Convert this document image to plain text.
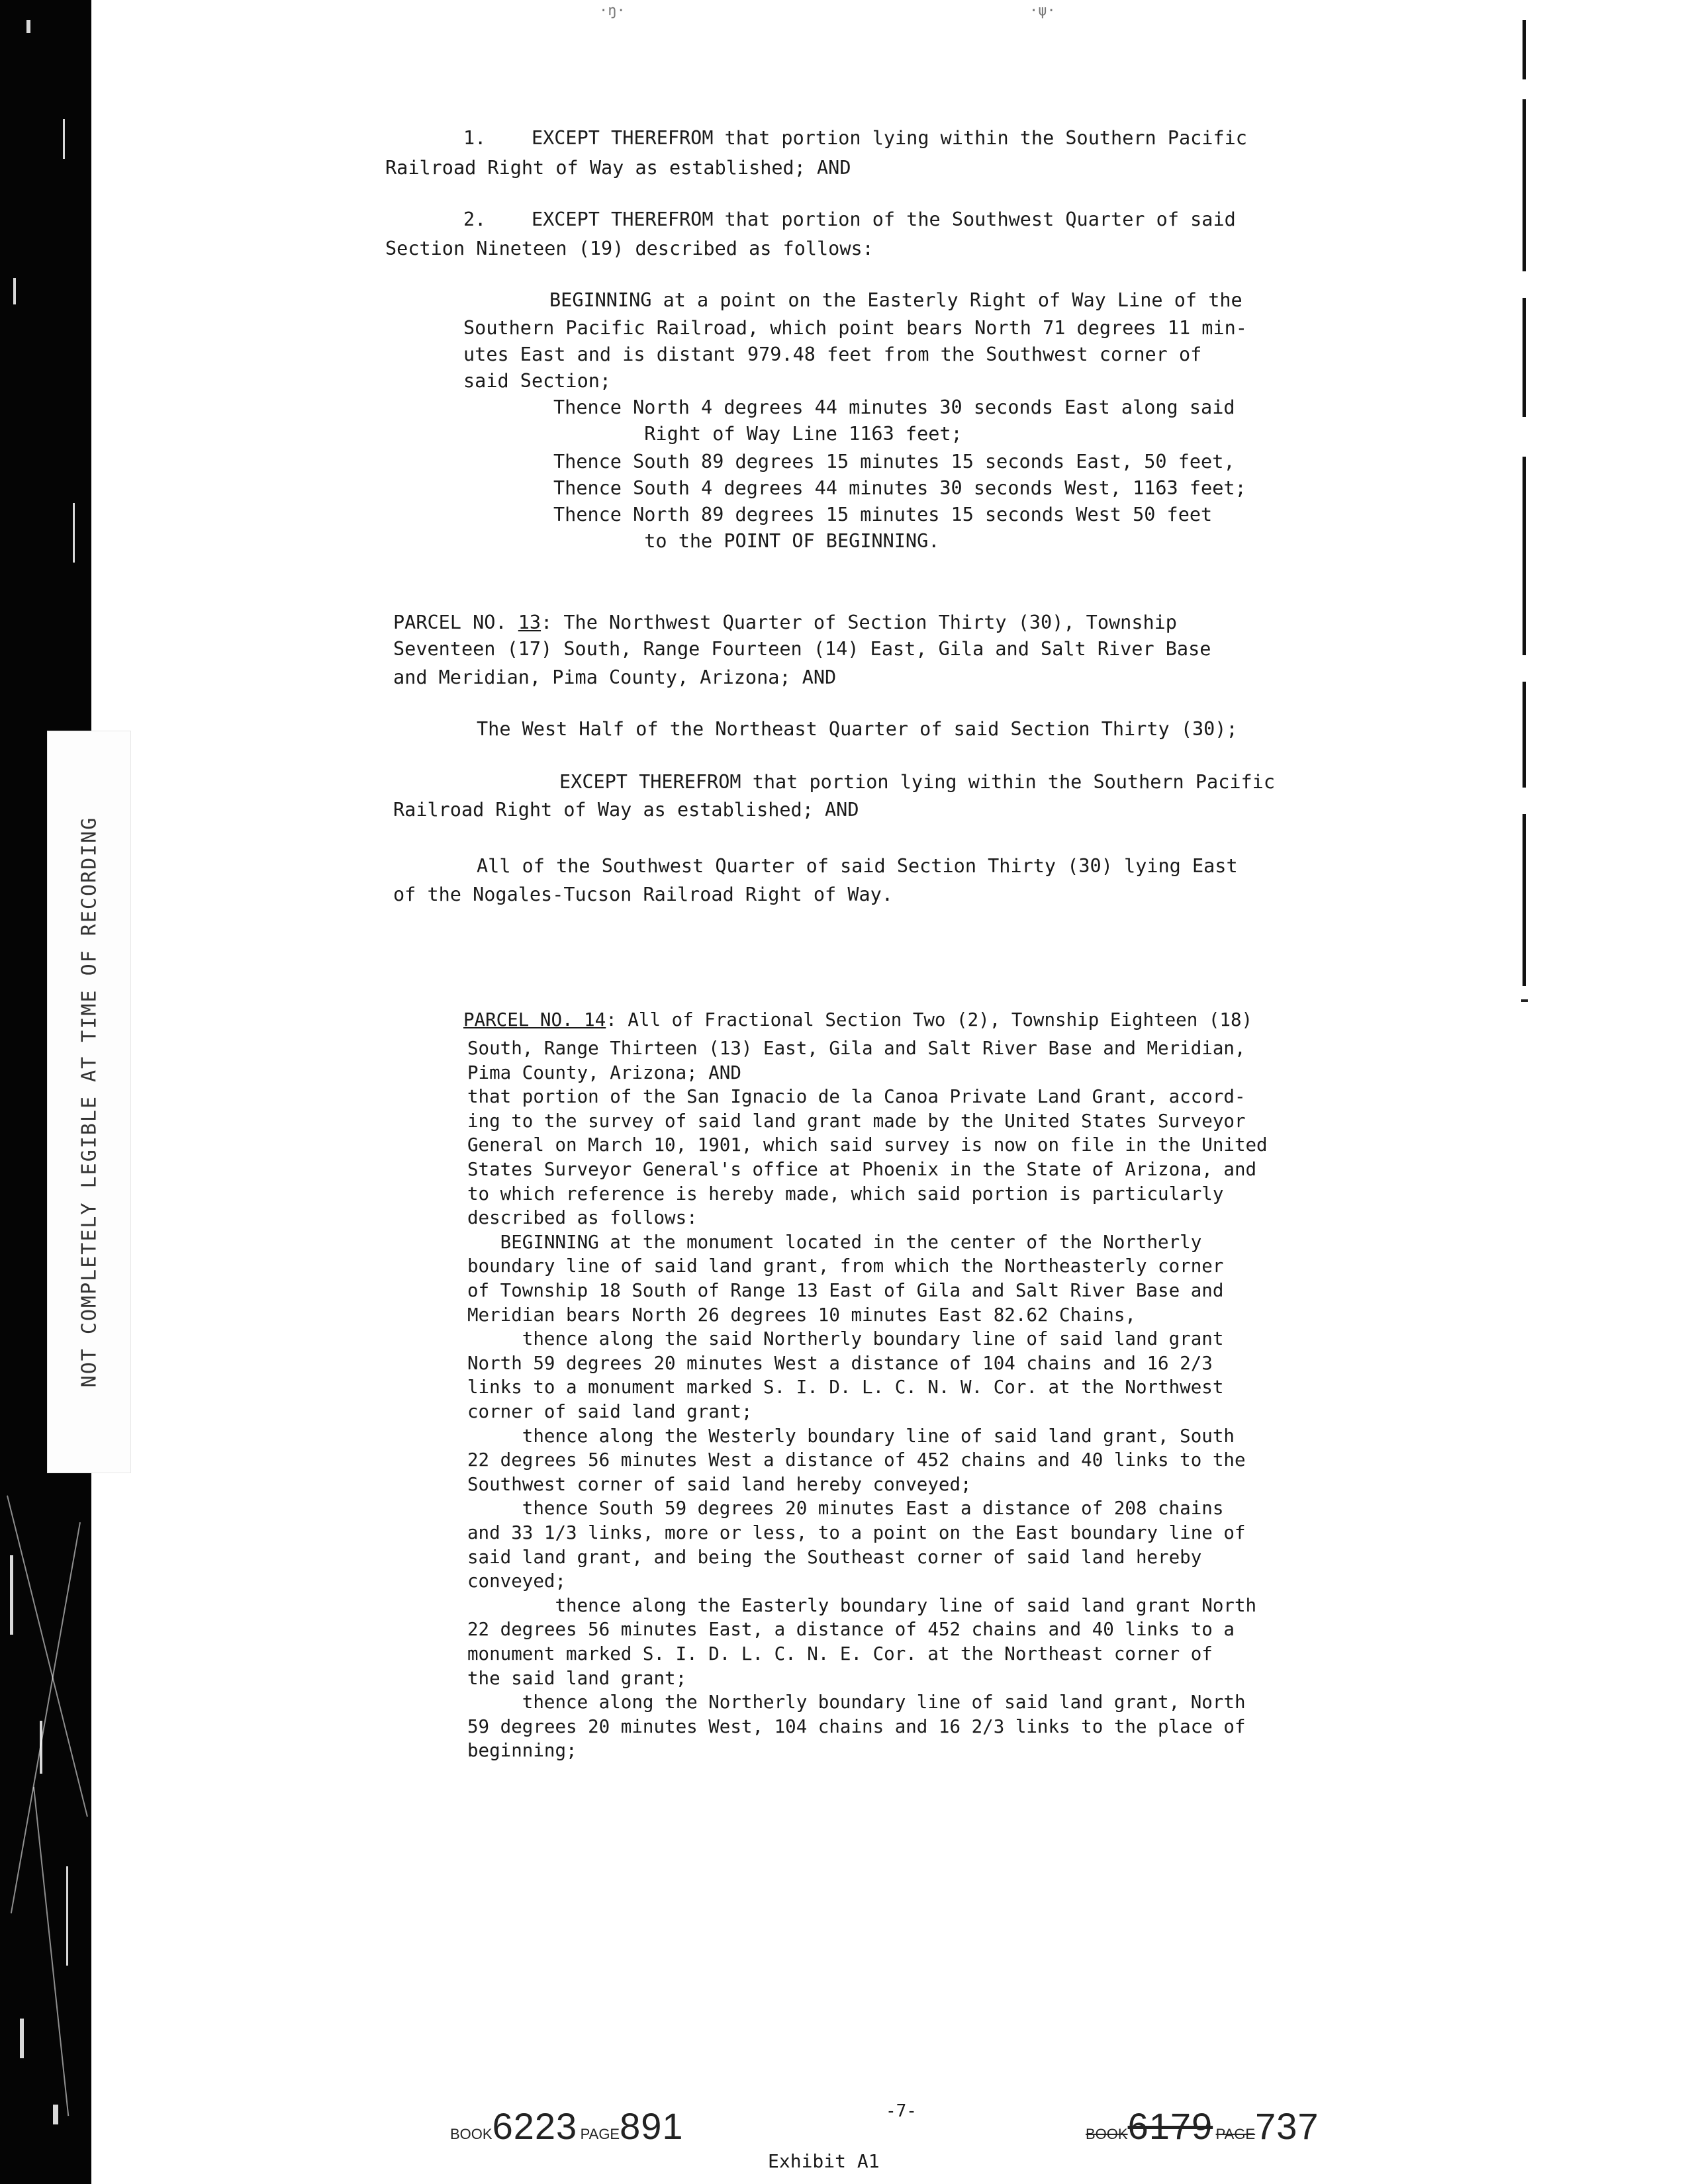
NOT COMPLETELY LEGIBLE AT TIME OF RECORDING
·ŋ·	·ψ·
1.    EXCEPT THEREFROM that portion lying within the Southern Pacific
Railroad Right of Way as established; AND
2.    EXCEPT THEREFROM that portion of the Southwest Quarter of said
Section Nineteen (19) described as follows:
BEGINNING at a point on the Easterly Right of Way Line of the
Southern Pacific Railroad, which point bears North 71 degrees 11 min-
utes East and is distant 979.48 feet from the Southwest corner of
said Section;
Thence North 4 degrees 44 minutes 30 seconds East along said
Right of Way Line 1163 feet;
Thence South 89 degrees 15 minutes 15 seconds East, 50 feet,
Thence South 4 degrees 44 minutes 30 seconds West, 1163 feet;
Thence North 89 degrees 15 minutes 15 seconds West 50 feet
to the POINT OF BEGINNING.
PARCEL NO. 13: The Northwest Quarter of Section Thirty (30), Township
Seventeen (17) South, Range Fourteen (14) East, Gila and Salt River Base
and Meridian, Pima County, Arizona; AND
The West Half of the Northeast Quarter of said Section Thirty (30);
EXCEPT THEREFROM that portion lying within the Southern Pacific
Railroad Right of Way as established; AND
All of the Southwest Quarter of said Section Thirty (30) lying East
of the Nogales-Tucson Railroad Right of Way.
PARCEL NO. 14: All of Fractional Section Two (2), Township Eighteen (18)
South, Range Thirteen (13) East, Gila and Salt River Base and Meridian,
Pima County, Arizona; AND
that portion of the San Ignacio de la Canoa Private Land Grant, accord-
ing to the survey of said land grant made by the United States Surveyor
General on March 10, 1901, which said survey is now on file in the United
States Surveyor General's office at Phoenix in the State of Arizona, and
to which reference is hereby made, which said portion is particularly
described as follows:
BEGINNING at the monument located in the center of the Northerly
boundary line of said land grant, from which the Northeasterly corner
of Township 18 South of Range 13 East of Gila and Salt River Base and
Meridian bears North 26 degrees 10 minutes East 82.62 Chains,
thence along the said Northerly boundary line of said land grant
North 59 degrees 20 minutes West a distance of 104 chains and 16 2/3
links to a monument marked S. I. D. L. C. N. W. Cor. at the Northwest
corner of said land grant;
thence along the Westerly boundary line of said land grant, South
22 degrees 56 minutes West a distance of 452 chains and 40 links to the
Southwest corner of said land hereby conveyed;
thence South 59 degrees 20 minutes East a distance of 208 chains
and 33 1/3 links, more or less, to a point on the East boundary line of
said land grant, and being the Southeast corner of said land hereby
conveyed;
thence along the Easterly boundary line of said land grant North
22 degrees 56 minutes East, a distance of 452 chains and 40 links to a
monument marked S. I. D. L. C. N. E. Cor. at the Northeast corner of
the said land grant;
thence along the Northerly boundary line of said land grant, North
59 degrees 20 minutes West, 104 chains and 16 2/3 links to the place of
beginning;
BOOK6223 PAGE891	-7-
Exhibit A1
BOOK6179 PAGE737
